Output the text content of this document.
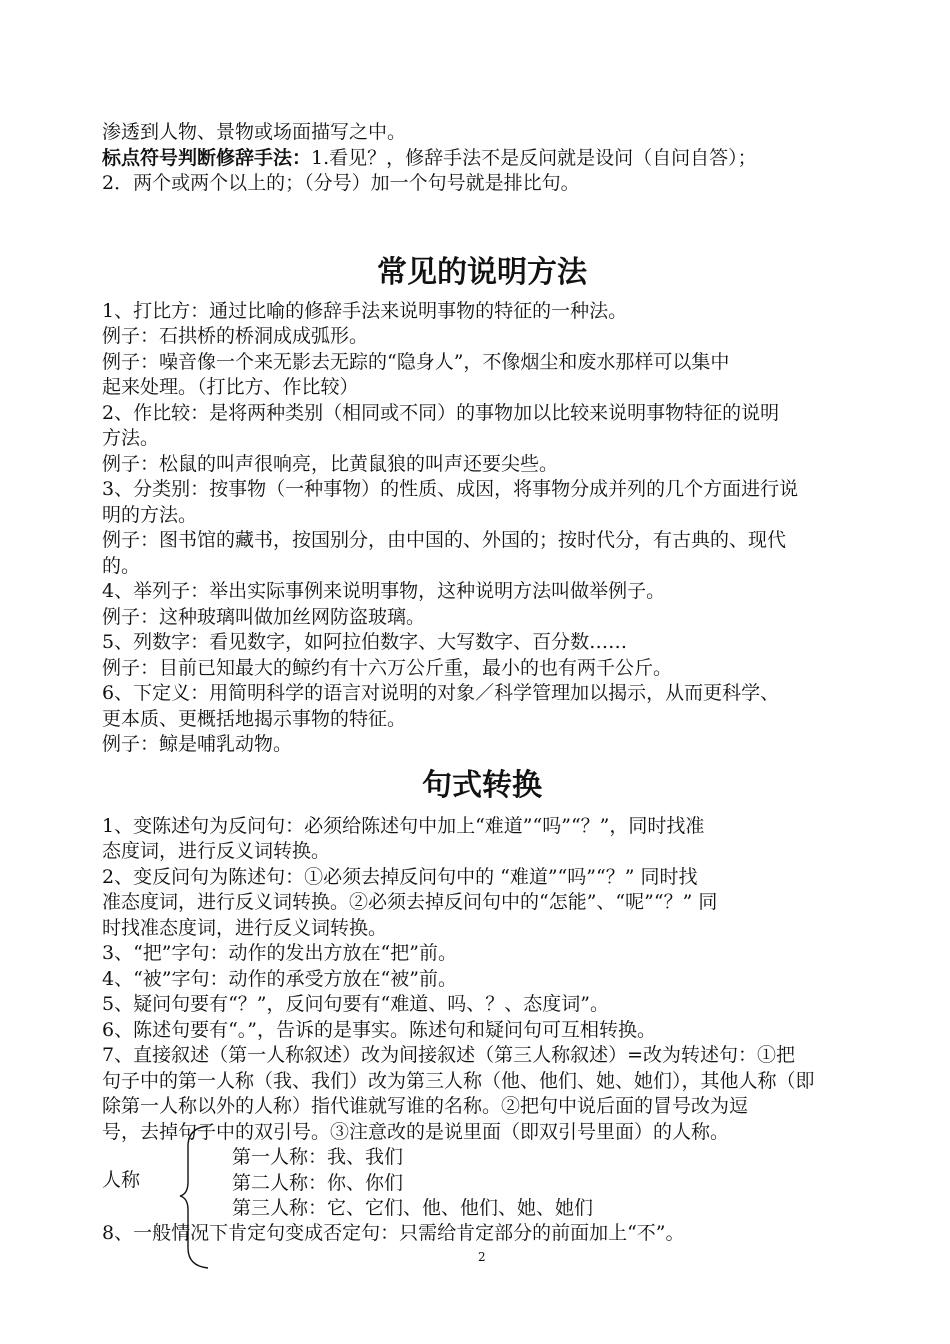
渗透到人物、景物或场面描写之中。
标点符号判断修辞手法：1.看见？，修辞手法不是反问就是设问（自问自答）；
2．两个或两个以上的；（分号）加一个句号就是排比句。
常见的说明方法
1、打比方：通过比喻的修辞手法来说明事物的特征的一种法。
例子：石拱桥的桥洞成成弧形。
例子：噪音像一个来无影去无踪的“隐身人”，不像烟尘和废水那样可以集中
起来处理。（打比方、作比较）
2、作比较：是将两种类别（相同或不同）的事物加以比较来说明事物特征的说明
方法。
例子：松鼠的叫声很响亮，比黄鼠狼的叫声还要尖些。
3、分类别：按事物（一种事物）的性质、成因，将事物分成并列的几个方面进行说
明的方法。
例子：图书馆的藏书，按国别分，由中国的、外国的；按时代分，有古典的、现代
的。
4、举列子：举出实际事例来说明事物，这种说明方法叫做举例子。
例子：这种玻璃叫做加丝网防盗玻璃。
5、列数字：看见数字，如阿拉伯数字、大写数字、百分数……
例子：目前已知最大的鲸约有十六万公斤重，最小的也有两千公斤。
6、下定义：用简明科学的语言对说明的对象／科学管理加以揭示，从而更科学、
更本质、更概括地揭示事物的特征。
例子：鲸是哺乳动物。
句式转换
1、变陈述句为反问句：必须给陈述句中加上“难道”“吗”“？”，同时找准
态度词，进行反义词转换。
2、变反问句为陈述句：①必须去掉反问句中的 “难道”“吗”“？” 同时找
准态度词，进行反义词转换。②必须去掉反问句中的“怎能”、“呢”“？” 同
时找准态度词，进行反义词转换。
3、“把”字句：动作的发出方放在“把”前。
4、“被”字句：动作的承受方放在“被”前。
5、疑问句要有“？”，反问句要有“难道、吗、？、态度词”。
6、陈述句要有“。”，告诉的是事实。陈述句和疑问句可互相转换。
7、直接叙述（第一人称叙述）改为间接叙述（第三人称叙述）=改为转述句：①把
句子中的第一人称（我、我们）改为第三人称（他、他们、她、她们），其他人称（即
除第一人称以外的人称）指代谁就写谁的名称。②把句中说后面的冒号改为逗
号，去掉句子中的双引号。③注意改的是说里面（即双引号里面）的人称。
人称
第一人称：我、我们
第二人称：你、你们
第三人称：它、它们、他、他们、她、她们
8、一般情况下肯定句变成否定句：只需给肯定部分的前面加上“不”。
2
